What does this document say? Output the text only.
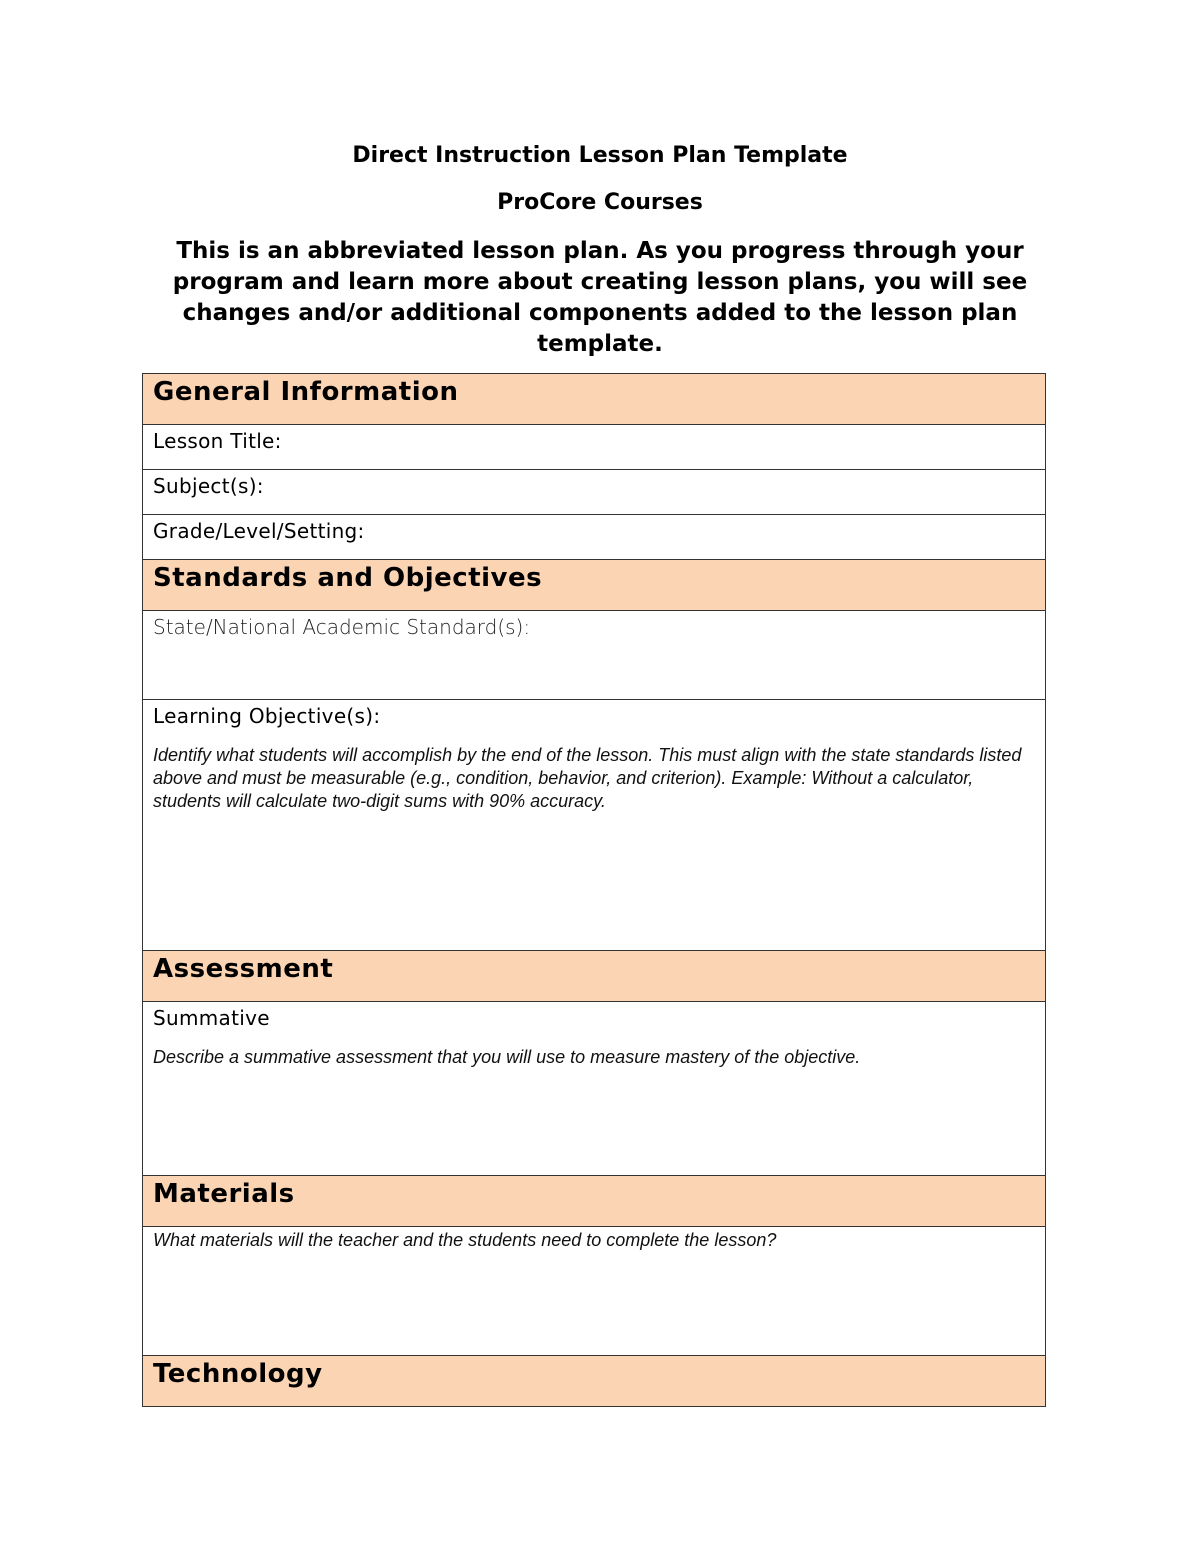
Direct Instruction Lesson Plan Template
ProCore Courses
This is an abbreviated lesson plan. As you progress through your program and learn more about creating lesson plans, you will see changes and/or additional components added to the lesson plan template.
General Information
Lesson Title:
Subject(s):
Grade/Level/Setting:
Standards and Objectives
State/National Academic Standard(s):

Learning Objective(s):
Identify what students will accomplish by the end of the lesson. This must align with the state standards listed above and must be measurable (e.g., condition, behavior, and criterion). Example: Without a calculator, students will calculate two-digit sums with 90% accuracy.

Assessment

Summative
Describe a summative assessment that you will use to measure mastery of the objective.

Materials

What materials will the teacher and the students need to complete the lesson?

Technology
